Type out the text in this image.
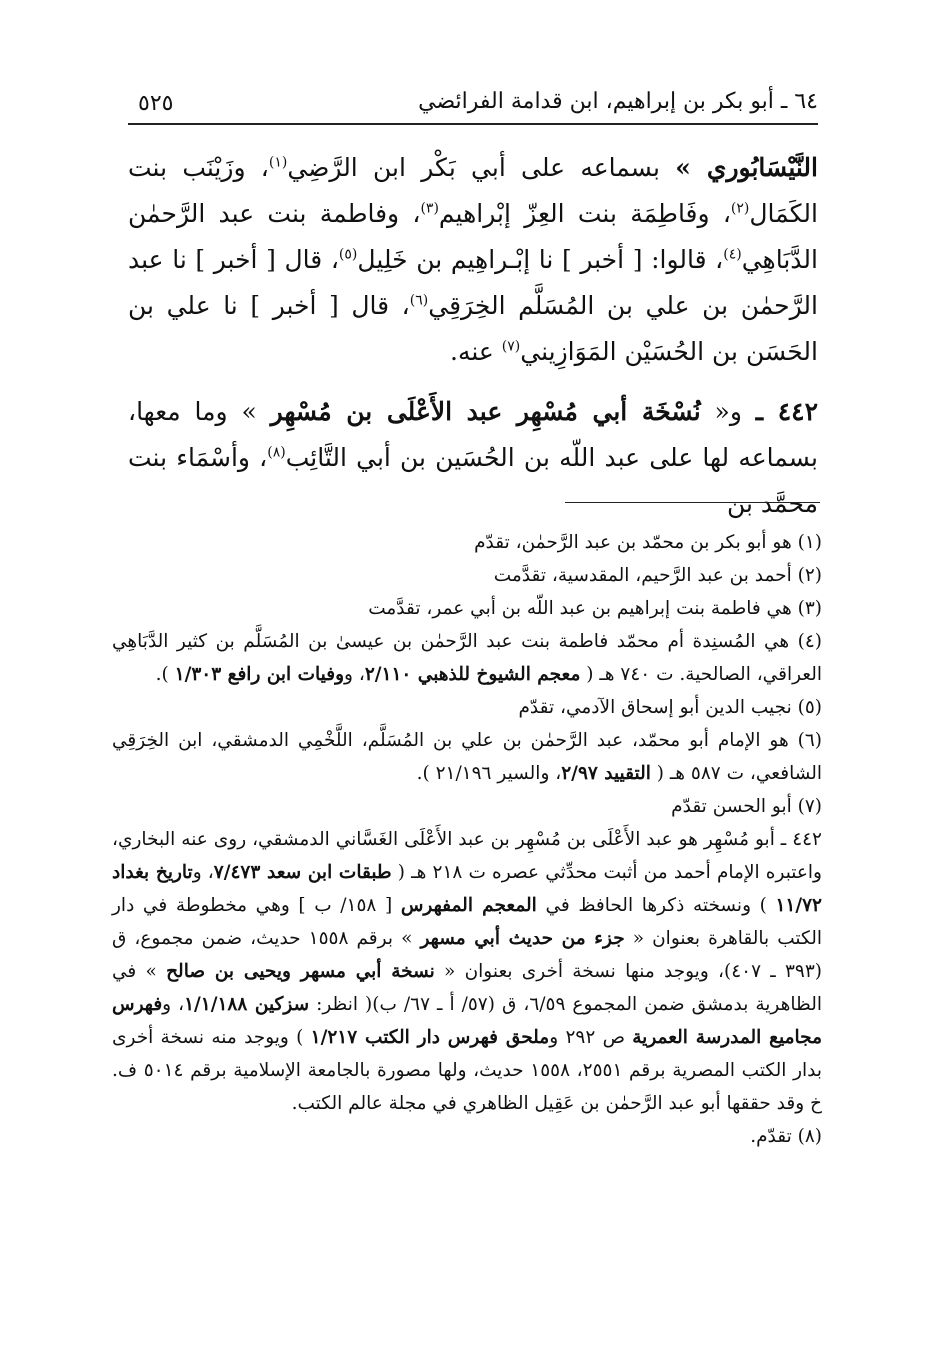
٥٢٥	٦٤ ـ أبو بكر بن إبراهيم، ابن قدامة الفرائضي

النَّيْسَابُوري » بسماعه على أبي بَكْر ابن الرَّضِي$^{(١)}$، وزَيْنَب بنت الكَمَال$^{(٢)}$، وفَاطِمَة بنت العِزّ إبْراهيم$^{(٣)}$، وفاطمة بنت عبد الرَّحمٰن الدَّبَاهِي$^{(٤)}$، قالوا: [ أخبر ] نا إبْـراهِيم بن خَلِيل$^{(٥)}$، قال [ أخبر ] نا عبد الرَّحمٰن بن علي بن المُسَلَّم الخِرَقِي$^{(٦)}$، قال [ أخبر ] نا علي بن الحَسَن بن الحُسَيْن المَوَازِيني$^{(٧)}$ عنه.

٤٤٢ ـ و« نُسْخَة أبي مُسْهِر عبد الأَعْلَى بن مُسْهِر » وما معها، بسماعه لها على عبد اللّه بن الحُسَين بن أبي التَّائِب$^{(٨)}$، وأسْمَاء بنت محمَّد بن

(١) هو أبو بكر بن محمّد بن عبد الرَّحمٰن، تقدّم

(٢) أحمد بن عبد الرَّحيم، المقدسية، تقدَّمت

(٣) هي فاطمة بنت إبراهيم بن عبد اللّه بن أبي عمر، تقدَّمت

(٤) هي المُسنِدة أم محمّد فاطمة بنت عبد الرَّحمٰن بن عيسىٰ بن المُسَلَّم بن كثير الدَّبَاهِي العراقي، الصالحية. ت ٧٤٠ هـ ( معجم الشيوخ للذهبي ٢/١١٠، ووفيات ابن رافع ١/٣٠٣ ).

(٥) نجيب الدين أبو إسحاق الآدمي، تقدّم

(٦) هو الإمام أبو محمّد، عبد الرَّحمٰن بن علي بن المُسَلَّم، اللَّخْمِي الدمشقي، ابن الخِرَقِي الشافعي، ت ٥٨٧ هـ ( التقييد ٢/٩٧، والسير ٢١/١٩٦ ).

(٧) أبو الحسن تقدّم

٤٤٢ ـ أبو مُسْهِر هو عبد الأَعْلَى بن مُسْهِر بن عبد الأَعْلَى الغَسَّاني الدمشقي، روى عنه البخاري، واعتبره الإمام أحمد من أثبت محدِّثي عصره ت ٢١٨ هـ ( طبقات ابن سعد ٧/٤٧٣، وتاريخ بغداد ١١/٧٢ ) ونسخته ذكرها الحافظ في المعجم المفهرس [ ١٥٨/ ب ] وهي مخطوطة في دار الكتب بالقاهرة بعنوان « جزء من حديث أبي مسهر » برقم ١٥٥٨ حديث، ضمن مجموع، ق (٣٩٣ ـ ٤٠٧)، ويوجد منها نسخة أخرى بعنوان « نسخة أبي مسهر ويحيى بن صالح » في الظاهرية بدمشق ضمن المجموع ٦/٥٩، ق (٥٧/ أ ـ ٦٧/ ب)( انظر: سزكين ١/١/١٨٨، وفهرس مجاميع المدرسة العمرية ص ٢٩٢ وملحق فهرس دار الكتب ١/٢١٧ ) ويوجد منه نسخة أخرى بدار الكتب المصرية برقم ٢٥٥١، ١٥٥٨ حديث، ولها مصورة بالجامعة الإسلامية برقم ٥٠١٤ ف. خ وقد حققها أبو عبد الرَّحمٰن بن عَقِيل الظاهري في مجلة عالم الكتب.

(٨) تقدّم.
